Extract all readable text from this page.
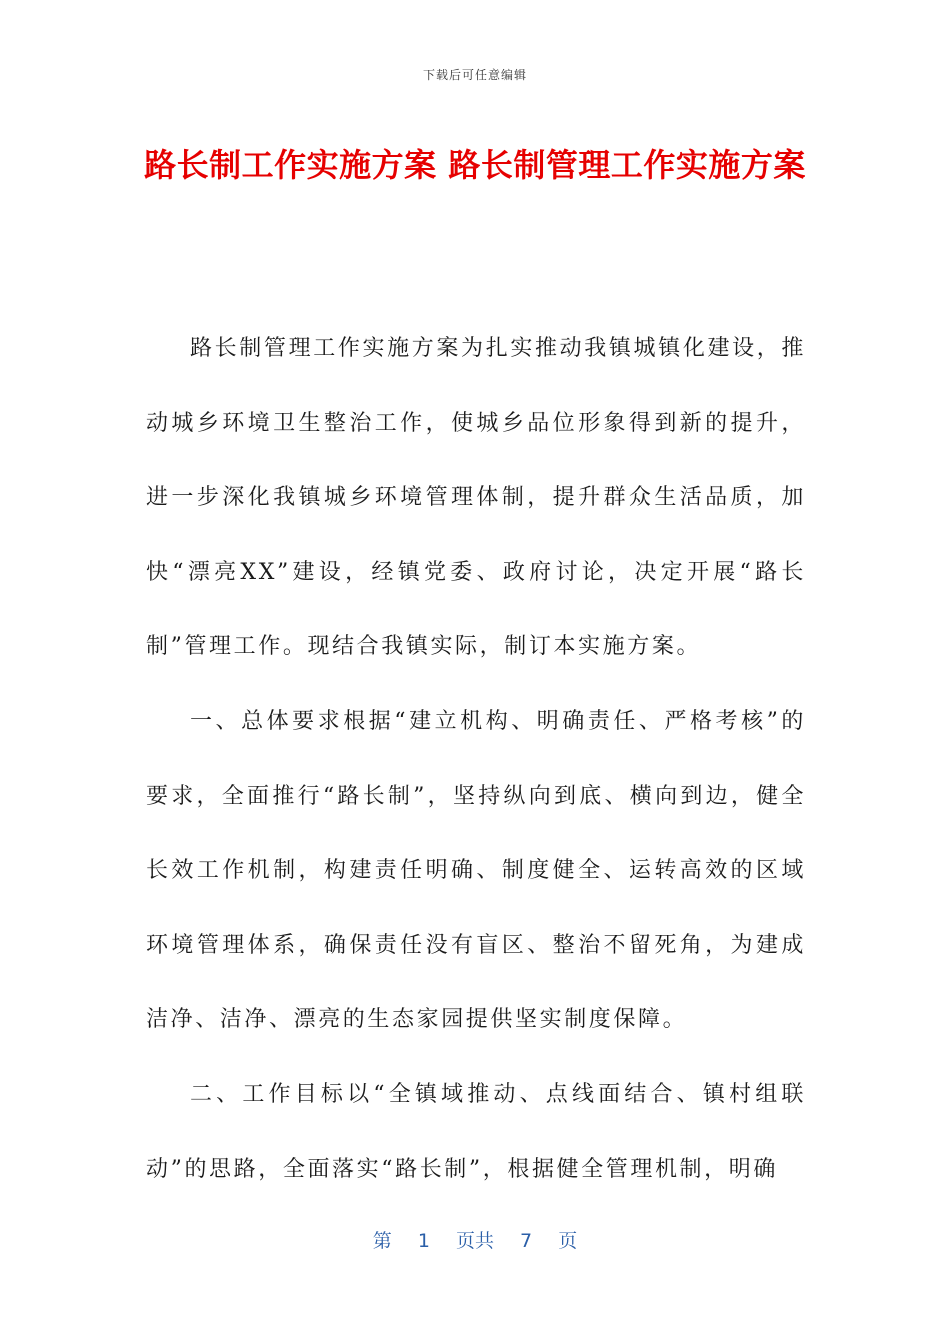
下载后可任意编辑
路长制工作实施方案 路长制管理工作实施方案

路长制管理工作实施方案为扎实推动我镇城镇化建设，推动城乡环境卫生整治工作，使城乡品位形象得到新的提升，进一步深化我镇城乡环境管理体制，提升群众生活品质，加快“漂亮XX”建设，经镇党委、政府讨论，决定开展“路长制”管理工作。现结合我镇实际，制订本实施方案。

一、总体要求根据“建立机构、明确责任、严格考核”的要求，全面推行“路长制”，坚持纵向到底、横向到边，健全长效工作机制，构建责任明确、制度健全、运转高效的区域环境管理体系，确保责任没有盲区、整治不留死角，为建成洁净、洁净、漂亮的生态家园提供坚实制度保障。

二、工作目标以“全镇域推动、点线面结合、镇村组联动”的思路，全面落实“路长制”，根据健全管理机制，明确

第 1 页共 7 页
